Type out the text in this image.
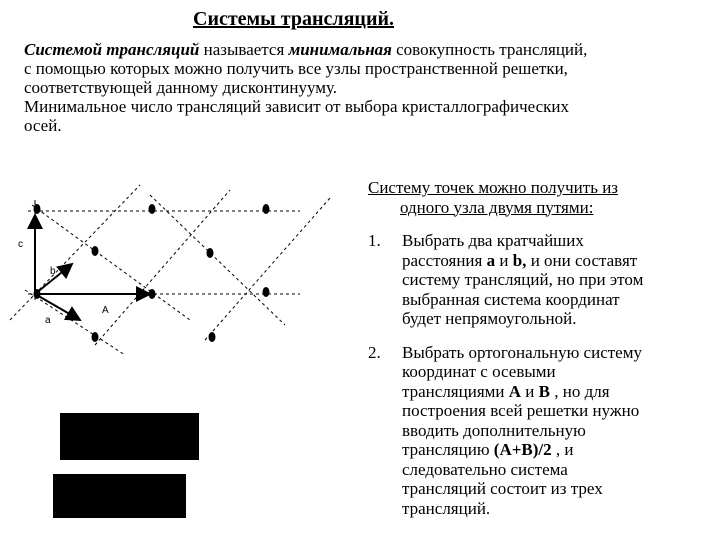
Системы трансляций.
Системой трансляций называется минимальная совокупность трансляций,
с помощью которых можно получить все узлы пространственной решетки,
соответствующей данному дисконтинууму.
Минимальное число трансляций зависит от выбора кристаллографических
осей.
b
a
A
c
Систему точек можно получить из
одного узла двумя путями:
1. Выбрать два кратчайших
расстояния a и b, и они составят
систему трансляций, но при этом
выбранная система координат
будет непрямоугольной.
2. Выбрать ортогональную систему
координат с осевыми
трансляциями А и В , но для
построения всей решетки нужно
вводить дополнительную
трансляцию (А+В)/2 , и
следовательно система
трансляций состоит из трех
трансляций.
